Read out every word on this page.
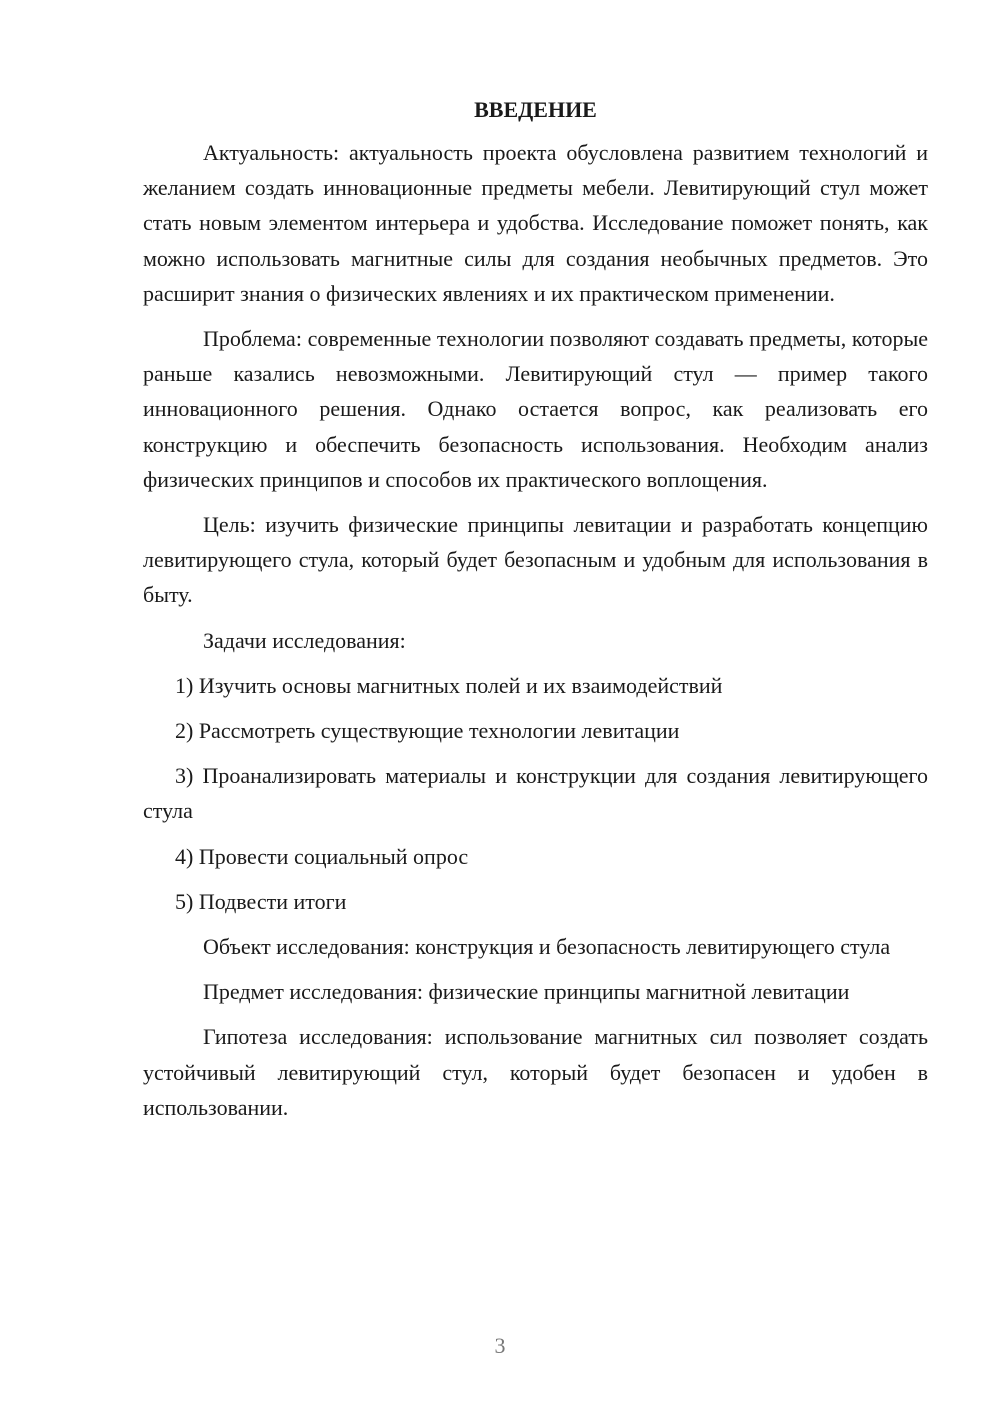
ВВЕДЕНИЕ

Актуальность: актуальность проекта обусловлена развитием технологий и желанием создать инновационные предметы мебели. Левитирующий стул может стать новым элементом интерьера и удобства. Исследование поможет понять, как можно использовать магнитные силы для создания необычных предметов. Это расширит знания о физических явлениях и их практическом применении.

Проблема: современные технологии позволяют создавать предметы, которые раньше казались невозможными. Левитирующий стул — пример такого инновационного решения. Однако остается вопрос, как реализовать его конструкцию и обеспечить безопасность использования. Необходим анализ физических принципов и способов их практического воплощения.

Цель: изучить физические принципы левитации и разработать концепцию левитирующего стула, который будет безопасным и удобным для использования в быту.

Задачи исследования:

1) Изучить основы магнитных полей и их взаимодействий

2) Рассмотреть существующие технологии левитации

3) Проанализировать материалы и конструкции для создания левитирующего стула

4) Провести социальный опрос

5) Подвести итоги

Объект исследования: конструкция и безопасность левитирующего стула

Предмет исследования: физические принципы магнитной левитации

Гипотеза исследования: использование магнитных сил позволяет создать устойчивый левитирующий стул, который будет безопасен и удобен в использовании.

3
